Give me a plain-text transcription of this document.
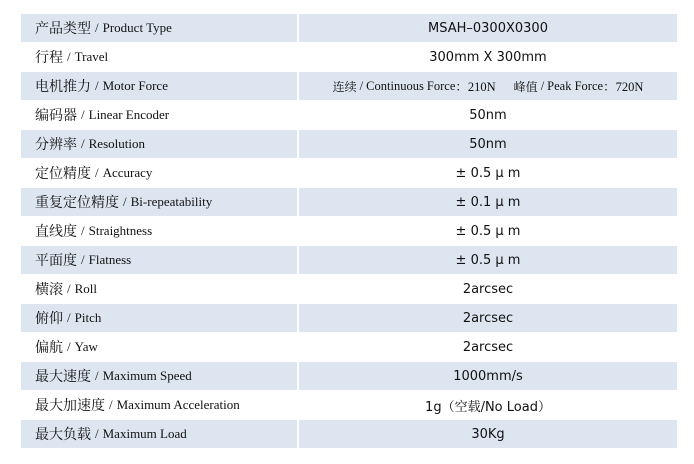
产品类型 / Product Type	MSAH–0300X0300
行程 / Travel	300mm X 300mm
电机推力 / Motor Force	连续 / Continuous Force ：210N 峰值 / Peak Force ：720N
编码器 / Linear Encoder	50nm
分辨率 / Resolution	50nm
定位精度 / Accuracy	± 0.5 μ m
重复定位精度 / Bi-repeatability	± 0.1 μ m
直线度 / Straightness	± 0.5 μ m
平面度 / Flatness	± 0.5 μ m
横滚 / Roll	2arcsec
俯仰 / Pitch	2arcsec
偏航 / Yaw	2arcsec
最大速度 / Maximum Speed	1000mm/s
最大加速度 / Maximum Acceleration	1g（空载/No Load）
最大负载 / Maximum Load	30Kg
